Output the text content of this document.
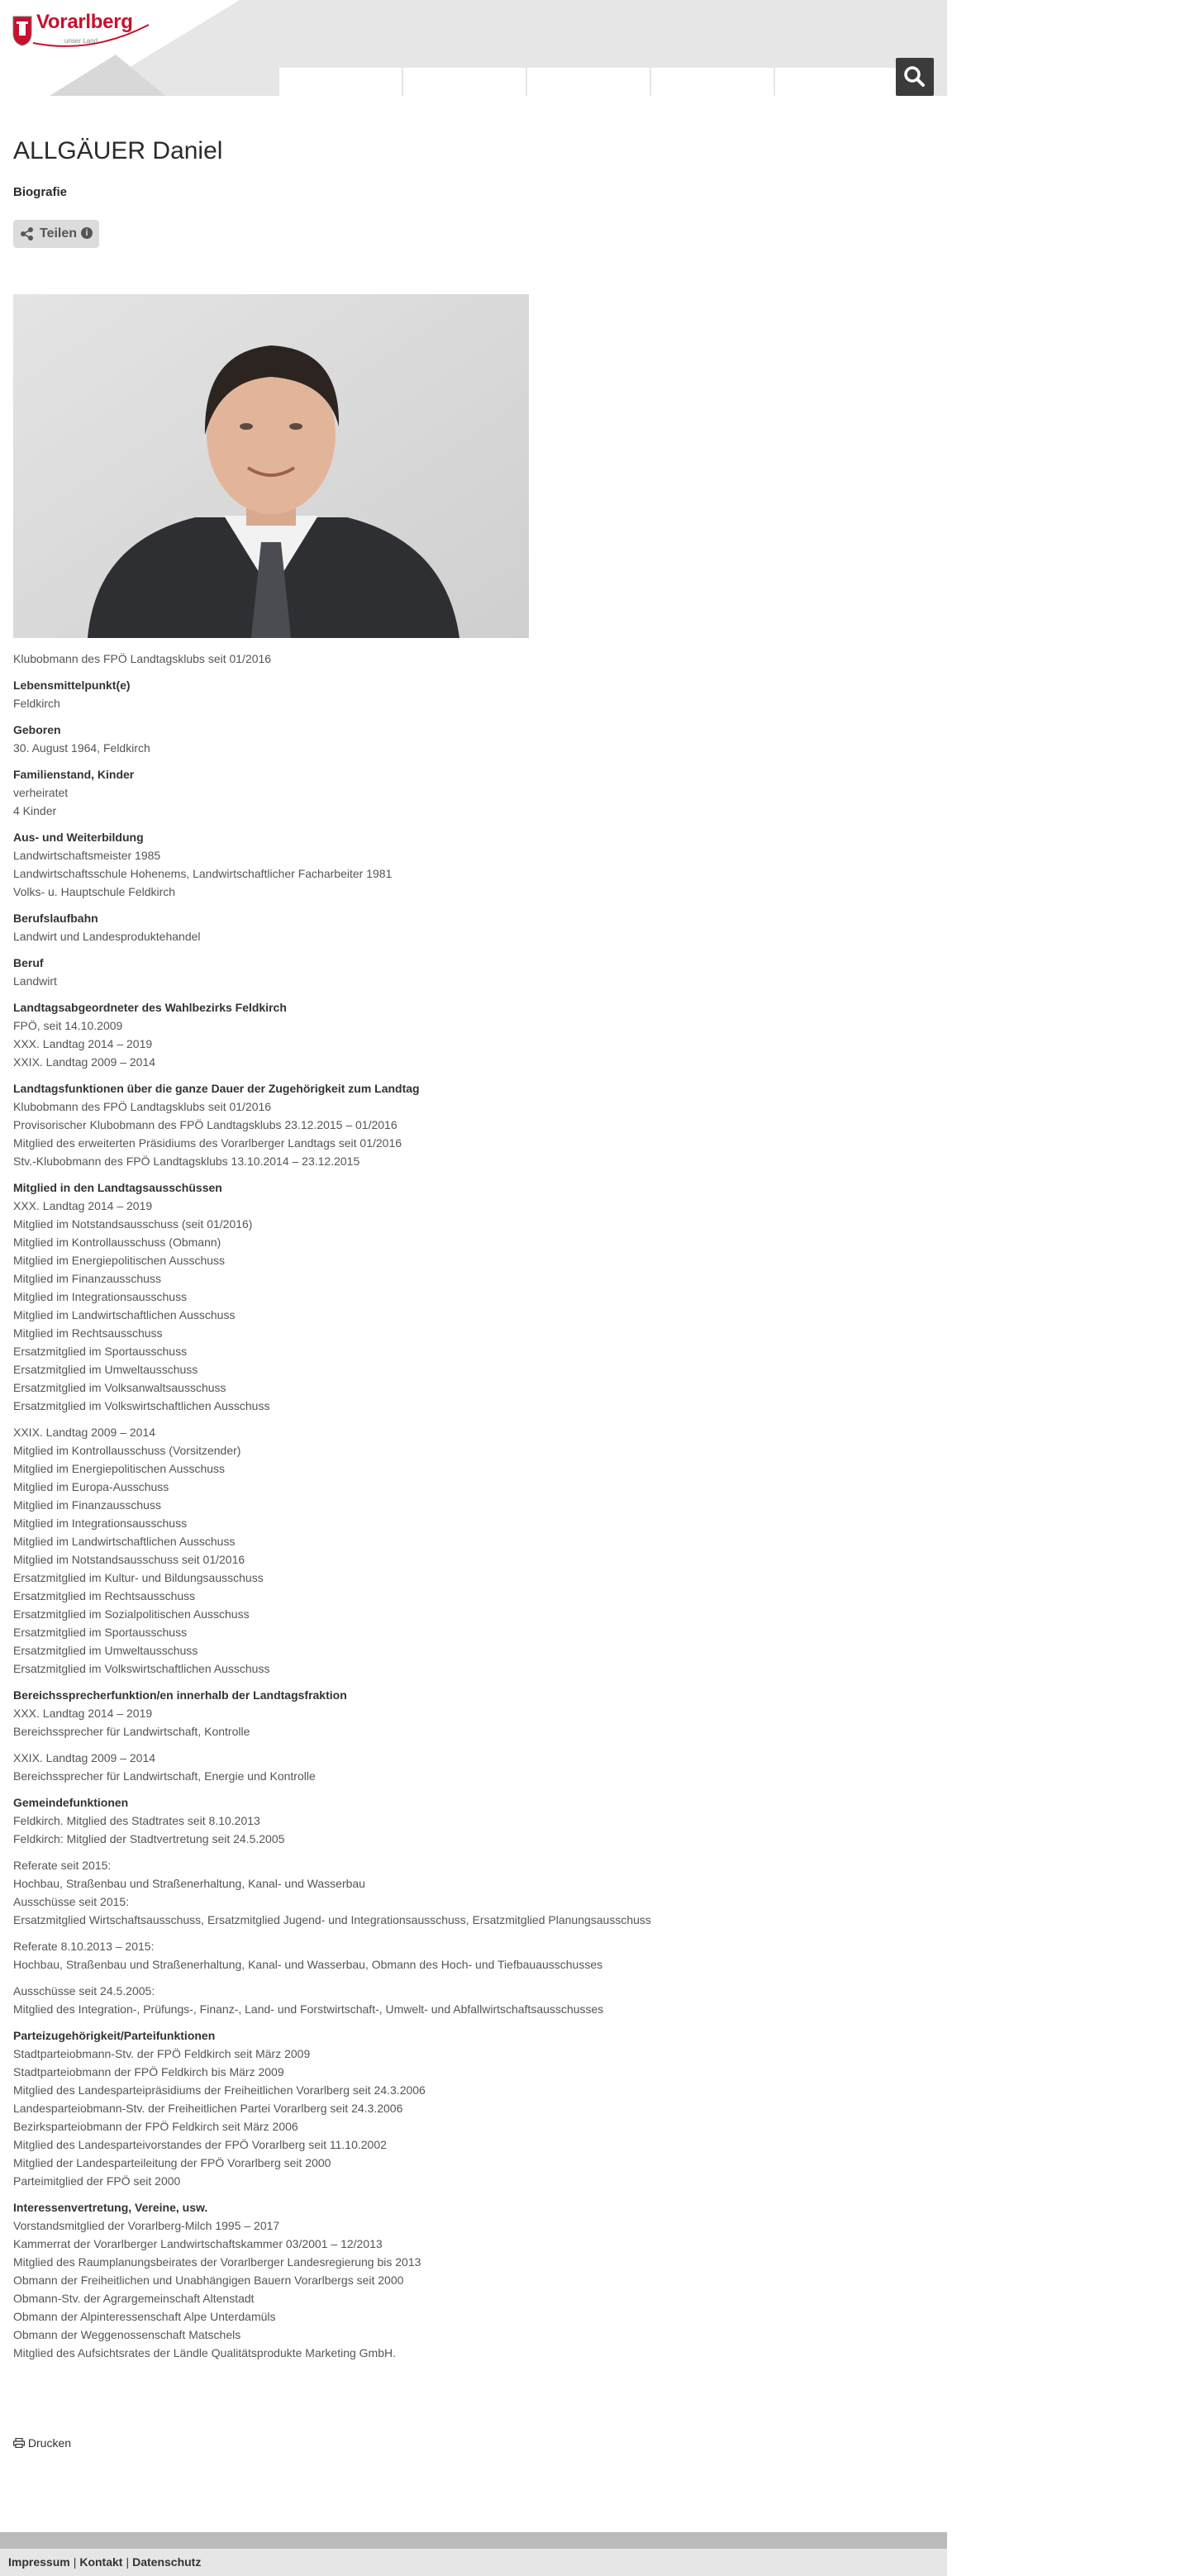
Vorarlberg
unser Land
ALLGÄUER Daniel
Biografie
Teilen i
Klubobmann des FPÖ Landtagsklubs seit 01/2016
Lebensmittelpunkt(e)
Feldkirch
Geboren
30. August 1964, Feldkirch
Familienstand, Kinder
verheiratet
4 Kinder
Aus- und Weiterbildung
Landwirtschaftsmeister 1985
Landwirtschaftsschule Hohenems, Landwirtschaftlicher Facharbeiter 1981
Volks- u. Hauptschule Feldkirch
Berufslaufbahn
Landwirt und Landesproduktehandel
Beruf
Landwirt
Landtagsabgeordneter des Wahlbezirks Feldkirch
FPÖ, seit 14.10.2009
XXX. Landtag 2014 – 2019
XXIX. Landtag 2009 – 2014
Landtagsfunktionen über die ganze Dauer der Zugehörigkeit zum Landtag
Klubobmann des FPÖ Landtagsklubs seit 01/2016
Provisorischer Klubobmann des FPÖ Landtagsklubs 23.12.2015 – 01/2016
Mitglied des erweiterten Präsidiums des Vorarlberger Landtags seit 01/2016
Stv.-Klubobmann des FPÖ Landtagsklubs 13.10.2014 – 23.12.2015
Mitglied in den Landtagsausschüssen
XXX. Landtag 2014 – 2019
Mitglied im Notstandsausschuss (seit 01/2016)
Mitglied im Kontrollausschuss (Obmann)
Mitglied im Energiepolitischen Ausschuss
Mitglied im Finanzausschuss
Mitglied im Integrationsausschuss
Mitglied im Landwirtschaftlichen Ausschuss
Mitglied im Rechtsausschuss
Ersatzmitglied im Sportausschuss
Ersatzmitglied im Umweltausschuss
Ersatzmitglied im Volksanwaltsausschuss
Ersatzmitglied im Volkswirtschaftlichen Ausschuss
XXIX. Landtag 2009 – 2014
Mitglied im Kontrollausschuss (Vorsitzender)
Mitglied im Energiepolitischen Ausschuss
Mitglied im Europa-Ausschuss
Mitglied im Finanzausschuss
Mitglied im Integrationsausschuss
Mitglied im Landwirtschaftlichen Ausschuss
Mitglied im Notstandsausschuss seit 01/2016
Ersatzmitglied im Kultur- und Bildungsausschuss
Ersatzmitglied im Rechtsausschuss
Ersatzmitglied im Sozialpolitischen Ausschuss
Ersatzmitglied im Sportausschuss
Ersatzmitglied im Umweltausschuss
Ersatzmitglied im Volkswirtschaftlichen Ausschuss
Bereichssprecherfunktion/en innerhalb der Landtagsfraktion
XXX. Landtag 2014 – 2019
Bereichssprecher für Landwirtschaft, Kontrolle
XXIX. Landtag 2009 – 2014
Bereichssprecher für Landwirtschaft, Energie und Kontrolle
Gemeindefunktionen
Feldkirch. Mitglied des Stadtrates seit 8.10.2013
Feldkirch: Mitglied der Stadtvertretung seit 24.5.2005
Referate seit 2015:
Hochbau, Straßenbau und Straßenerhaltung, Kanal- und Wasserbau
Ausschüsse seit 2015:
Ersatzmitglied Wirtschaftsausschuss, Ersatzmitglied Jugend- und Integrationsausschuss, Ersatzmitglied Planungsausschuss
Referate 8.10.2013 – 2015:
Hochbau, Straßenbau und Straßenerhaltung, Kanal- und Wasserbau, Obmann des Hoch- und Tiefbauausschusses
Ausschüsse seit 24.5.2005:
Mitglied des Integration-, Prüfungs-, Finanz-, Land- und Forstwirtschaft-, Umwelt- und Abfallwirtschaftsausschusses
Parteizugehörigkeit/Parteifunktionen
Stadtparteiobmann-Stv. der FPÖ Feldkirch seit März 2009
Stadtparteiobmann der FPÖ Feldkirch bis März 2009
Mitglied des Landesparteipräsidiums der Freiheitlichen Vorarlberg seit 24.3.2006
Landesparteiobmann-Stv. der Freiheitlichen Partei Vorarlberg seit 24.3.2006
Bezirksparteiobmann der FPÖ Feldkirch seit März 2006
Mitglied des Landesparteivorstandes der FPÖ Vorarlberg seit 11.10.2002
Mitglied der Landesparteileitung der FPÖ Vorarlberg seit 2000
Parteimitglied der FPÖ seit 2000
Interessenvertretung, Vereine, usw.
Vorstandsmitglied der Vorarlberg-Milch 1995 – 2017
Kammerrat der Vorarlberger Landwirtschaftskammer 03/2001 – 12/2013
Mitglied des Raumplanungsbeirates der Vorarlberger Landesregierung bis 2013
Obmann der Freiheitlichen und Unabhängigen Bauern Vorarlbergs seit 2000
Obmann-Stv. der Agrargemeinschaft Altenstadt
Obmann der Alpinteressenschaft Alpe Unterdamüls
Obmann der Weggenossenschaft Matschels
Mitglied des Aufsichtsrates der Ländle Qualitätsprodukte Marketing GmbH.
Drucken
Impressum | Kontakt | Datenschutz
